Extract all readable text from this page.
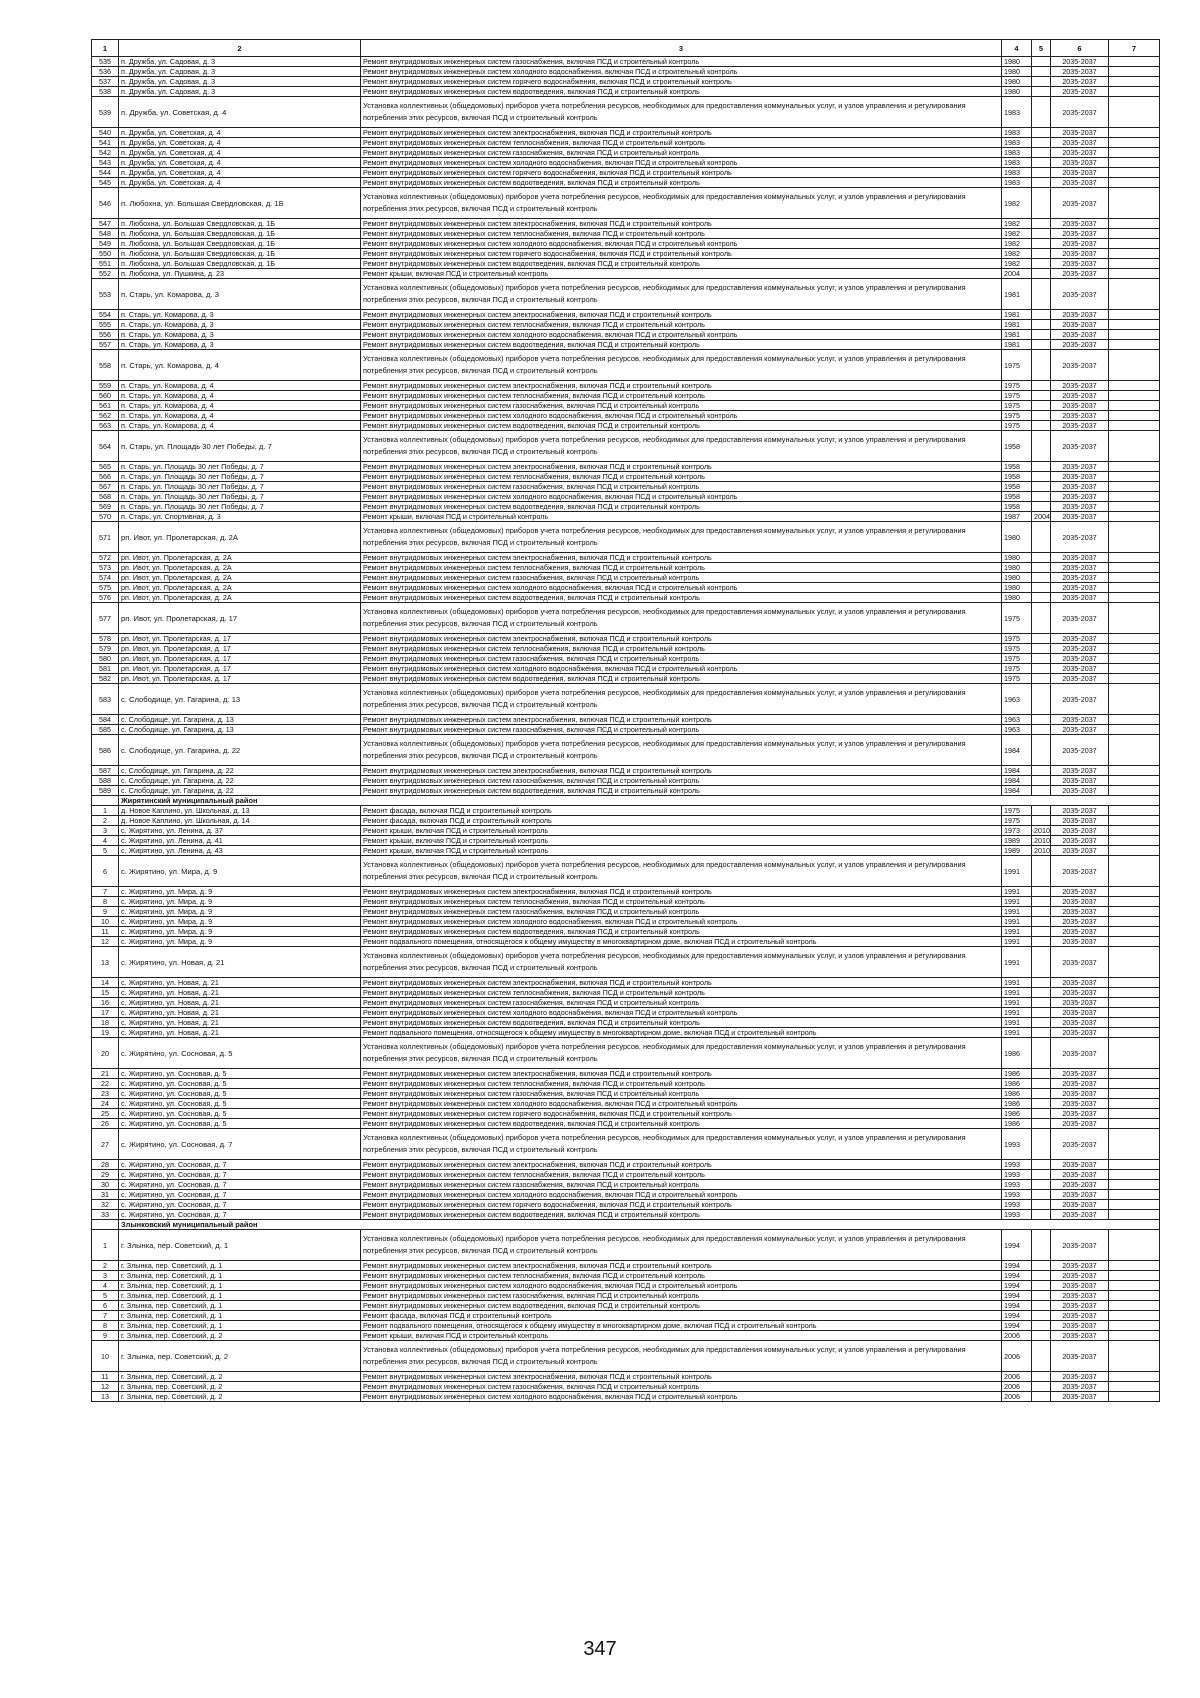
1	2	3	4	5	6	7
535	п. Дружба, ул. Садовая, д. 3	Ремонт внутридомовых инженерных систем газоснабжения, включая ПСД и строительный контроль	1980		2035-2037	
536	п. Дружба, ул. Садовая, д. 3	Ремонт внутридомовых инженерных систем холодного водоснабжения, включая ПСД и строительный контроль	1980		2035-2037	
537	п. Дружба, ул. Садовая, д. 3	Ремонт внутридомовых инженерных систем горячего водоснабжения, включая ПСД и строительный контроль	1980		2035-2037	
538	п. Дружба, ул. Садовая, д. 3	Ремонт внутридомовых инженерных систем водоотведения, включая ПСД и строительный контроль	1980		2035-2037	
539	п. Дружба, ул. Советская, д. 4	Установка коллективных (общедомовых) приборов учета потребления ресурсов, необходимых для предоставления коммунальных услуг, и узлов управления и регулирования потребления этих ресурсов, включая ПСД и строительный контроль	1983		2035-2037	
540	п. Дружба, ул. Советская, д. 4	Ремонт внутридомовых инженерных систем электроснабжения, включая ПСД и строительный контроль	1983		2035-2037	
541	п. Дружба, ул. Советская, д. 4	Ремонт внутридомовых инженерных систем теплоснабжения, включая ПСД и строительный контроль	1983		2035-2037	
542	п. Дружба, ул. Советская, д. 4	Ремонт внутридомовых инженерных систем газоснабжения, включая ПСД и строительный контроль	1983		2035-2037	
543	п. Дружба, ул. Советская, д. 4	Ремонт внутридомовых инженерных систем холодного водоснабжения, включая ПСД и строительный контроль	1983		2035-2037	
544	п. Дружба, ул. Советская, д. 4	Ремонт внутридомовых инженерных систем горячего водоснабжения, включая ПСД и строительный контроль	1983		2035-2037	
545	п. Дружба, ул. Советская, д. 4	Ремонт внутридомовых инженерных систем водоотведения, включая ПСД и строительный контроль	1983		2035-2037	
546	п. Любохна, ул. Большая Свердловская, д. 1Б	Установка коллективных (общедомовых) приборов учета потребления ресурсов, необходимых для предоставления коммунальных услуг, и узлов управления и регулирования потребления этих ресурсов, включая ПСД и строительный контроль	1982		2035-2037	
547	п. Любохна, ул. Большая Свердловская, д. 1Б	Ремонт внутридомовых инженерных систем электроснабжения, включая ПСД и строительный контроль	1982		2035-2037	
548	п. Любохна, ул. Большая Свердловская, д. 1Б	Ремонт внутридомовых инженерных систем теплоснабжения, включая ПСД и строительный контроль	1982		2035-2037	
549	п. Любохна, ул. Большая Свердловская, д. 1Б	Ремонт внутридомовых инженерных систем холодного водоснабжения, включая ПСД и строительный контроль	1982		2035-2037	
550	п. Любохна, ул. Большая Свердловская, д. 1Б	Ремонт внутридомовых инженерных систем горячего водоснабжения, включая ПСД и строительный контроль	1982		2035-2037	
551	п. Любохна, ул. Большая Свердловская, д. 1Б	Ремонт внутридомовых инженерных систем водоотведения, включая ПСД и строительный контроль	1982		2035-2037	
552	п. Любохна, ул. Пушкина, д. 23	Ремонт крыши, включая ПСД и строительный контроль	2004		2035-2037	
553	п. Старь, ул. Комарова, д. 3	Установка коллективных (общедомовых) приборов учета потребления ресурсов, необходимых для предоставления коммунальных услуг, и узлов управления и регулирования потребления этих ресурсов, включая ПСД и строительный контроль	1981		2035-2037	
554	п. Старь, ул. Комарова, д. 3	Ремонт внутридомовых инженерных систем электроснабжения, включая ПСД и строительный контроль	1981		2035-2037	
555	п. Старь, ул. Комарова, д. 3	Ремонт внутридомовых инженерных систем теплоснабжения, включая ПСД и строительный контроль	1981		2035-2037	
556	п. Старь, ул. Комарова, д. 3	Ремонт внутридомовых инженерных систем холодного водоснабжения, включая ПСД и строительный контроль	1981		2035-2037	
557	п. Старь, ул. Комарова, д. 3	Ремонт внутридомовых инженерных систем водоотведения, включая ПСД и строительный контроль	1981		2035-2037	
558	п. Старь, ул. Комарова, д. 4	Установка коллективных (общедомовых) приборов учета потребления ресурсов, необходимых для предоставления коммунальных услуг, и узлов управления и регулирования потребления этих ресурсов, включая ПСД и строительный контроль	1975		2035-2037	
559	п. Старь, ул. Комарова, д. 4	Ремонт внутридомовых инженерных систем электроснабжения, включая ПСД и строительный контроль	1975		2035-2037	
560	п. Старь, ул. Комарова, д. 4	Ремонт внутридомовых инженерных систем теплоснабжения, включая ПСД и строительный контроль	1975		2035-2037	
561	п. Старь, ул. Комарова, д. 4	Ремонт внутридомовых инженерных систем газоснабжения, включая ПСД и строительный контроль	1975		2035-2037	
562	п. Старь, ул. Комарова, д. 4	Ремонт внутридомовых инженерных систем холодного водоснабжения, включая ПСД и строительный контроль	1975		2035-2037	
563	п. Старь, ул. Комарова, д. 4	Ремонт внутридомовых инженерных систем водоотведения, включая ПСД и строительный контроль	1975		2035-2037	
564	п. Старь, ул. Площадь 30 лет Победы, д. 7	Установка коллективных (общедомовых) приборов учета потребления ресурсов, необходимых для предоставления коммунальных услуг, и узлов управления и регулирования потребления этих ресурсов, включая ПСД и строительный контроль	1958		2035-2037	
565	п. Старь, ул. Площадь 30 лет Победы, д. 7	Ремонт внутридомовых инженерных систем электроснабжения, включая ПСД и строительный контроль	1958		2035-2037	
566	п. Старь, ул. Площадь 30 лет Победы, д. 7	Ремонт внутридомовых инженерных систем теплоснабжения, включая ПСД и строительный контроль	1958		2035-2037	
567	п. Старь, ул. Площадь 30 лет Победы, д. 7	Ремонт внутридомовых инженерных систем газоснабжения, включая ПСД и строительный контроль	1958		2035-2037	
568	п. Старь, ул. Площадь 30 лет Победы, д. 7	Ремонт внутридомовых инженерных систем холодного водоснабжения, включая ПСД и строительный контроль	1958		2035-2037	
569	п. Старь, ул. Площадь 30 лет Победы, д. 7	Ремонт внутридомовых инженерных систем водоотведения, включая ПСД и строительный контроль	1958		2035-2037	
570	п. Старь, ул. Спортивная, д. 3	Ремонт крыши, включая ПСД и строительный контроль	1987	2004	2035-2037	
571	рп. Ивот, ул. Пролетарская, д. 2А	Установка коллективных (общедомовых) приборов учета потребления ресурсов, необходимых для предоставления коммунальных услуг, и узлов управления и регулирования потребления этих ресурсов, включая ПСД и строительный контроль	1980		2035-2037	
572	рп. Ивот, ул. Пролетарская, д. 2А	Ремонт внутридомовых инженерных систем электроснабжения, включая ПСД и строительный контроль	1980		2035-2037	
573	рп. Ивот, ул. Пролетарская, д. 2А	Ремонт внутридомовых инженерных систем теплоснабжения, включая ПСД и строительный контроль	1980		2035-2037	
574	рп. Ивот, ул. Пролетарская, д. 2А	Ремонт внутридомовых инженерных систем газоснабжения, включая ПСД и строительный контроль	1980		2035-2037	
575	рп. Ивот, ул. Пролетарская, д. 2А	Ремонт внутридомовых инженерных систем холодного водоснабжения, включая ПСД и строительный контроль	1980		2035-2037	
576	рп. Ивот, ул. Пролетарская, д. 2А	Ремонт внутридомовых инженерных систем водоотведения, включая ПСД и строительный контроль	1980		2035-2037	
577	рп. Ивот, ул. Пролетарская, д. 17	Установка коллективных (общедомовых) приборов учета потребления ресурсов, необходимых для предоставления коммунальных услуг, и узлов управления и регулирования потребления этих ресурсов, включая ПСД и строительный контроль	1975		2035-2037	
578	рп. Ивот, ул. Пролетарская, д. 17	Ремонт внутридомовых инженерных систем электроснабжения, включая ПСД и строительный контроль	1975		2035-2037	
579	рп. Ивот, ул. Пролетарская, д. 17	Ремонт внутридомовых инженерных систем теплоснабжения, включая ПСД и строительный контроль	1975		2035-2037	
580	рп. Ивот, ул. Пролетарская, д. 17	Ремонт внутридомовых инженерных систем газоснабжения, включая ПСД и строительный контроль	1975		2035-2037	
581	рп. Ивот, ул. Пролетарская, д. 17	Ремонт внутридомовых инженерных систем холодного водоснабжения, включая ПСД и строительный контроль	1975		2035-2037	
582	рп. Ивот, ул. Пролетарская, д. 17	Ремонт внутридомовых инженерных систем водоотведения, включая ПСД и строительный контроль	1975		2035-2037	
583	с. Слободище, ул. Гагарина, д. 13	Установка коллективных (общедомовых) приборов учета потребления ресурсов, необходимых для предоставления коммунальных услуг, и узлов управления и регулирования потребления этих ресурсов, включая ПСД и строительный контроль	1963		2035-2037	
584	с. Слободище, ул. Гагарина, д. 13	Ремонт внутридомовых инженерных систем электроснабжения, включая ПСД и строительный контроль	1963		2035-2037	
585	с. Слободище, ул. Гагарина, д. 13	Ремонт внутридомовых инженерных систем газоснабжения, включая ПСД и строительный контроль	1963		2035-2037	
586	с. Слободище, ул. Гагарина, д. 22	Установка коллективных (общедомовых) приборов учета потребления ресурсов, необходимых для предоставления коммунальных услуг, и узлов управления и регулирования потребления этих ресурсов, включая ПСД и строительный контроль	1984		2035-2037	
587	с. Слободище, ул. Гагарина, д. 22	Ремонт внутридомовых инженерных систем электроснабжения, включая ПСД и строительный контроль	1984		2035-2037	
588	с. Слободище, ул. Гагарина, д. 22	Ремонт внутридомовых инженерных систем газоснабжения, включая ПСД и строительный контроль	1984		2035-2037	
589	с. Слободище, ул. Гагарина, д. 22	Ремонт внутридомовых инженерных систем водоотведения, включая ПСД и строительный контроль	1984		2035-2037	
	Жирятинский муниципальный район					
1	д. Новое Каплино, ул. Школьная, д. 13	Ремонт фасада, включая ПСД и строительный контроль	1975		2035-2037	
2	д. Новое Каплино, ул. Школьная, д. 14	Ремонт фасада, включая ПСД и строительный контроль	1975		2035-2037	
3	с. Жирятино, ул. Ленина, д. 37	Ремонт крыши, включая ПСД и строительный контроль	1973	2010	2035-2037	
4	с. Жирятино, ул. Ленина, д. 41	Ремонт крыши, включая ПСД и строительный контроль	1989	2010	2035-2037	
5	с. Жирятино, ул. Ленина, д. 43	Ремонт крыши, включая ПСД и строительный контроль	1989	2010	2035-2037	
6	с. Жирятино, ул. Мира, д. 9	Установка коллективных (общедомовых) приборов учета потребления ресурсов, необходимых для предоставления коммунальных услуг, и узлов управления и регулирования потребления этих ресурсов, включая ПСД и строительный контроль	1991		2035-2037	
7	с. Жирятино, ул. Мира, д. 9	Ремонт внутридомовых инженерных систем электроснабжения, включая ПСД и строительный контроль	1991		2035-2037	
8	с. Жирятино, ул. Мира, д. 9	Ремонт внутридомовых инженерных систем теплоснабжения, включая ПСД и строительный контроль	1991		2035-2037	
9	с. Жирятино, ул. Мира, д. 9	Ремонт внутридомовых инженерных систем газоснабжения, включая ПСД и строительный контроль	1991		2035-2037	
10	с. Жирятино, ул. Мира, д. 9	Ремонт внутридомовых инженерных систем холодного водоснабжения, включая ПСД и строительный контроль	1991		2035-2037	
11	с. Жирятино, ул. Мира, д. 9	Ремонт внутридомовых инженерных систем водоотведения, включая ПСД и строительный контроль	1991		2035-2037	
12	с. Жирятино, ул. Мира, д. 9	Ремонт подвального помещения, относящегося к общему имуществу в многоквартирном доме, включая ПСД и строительный контроль	1991		2035-2037	
13	с. Жирятино, ул. Новая, д. 21	Установка коллективных (общедомовых) приборов учета потребления ресурсов, необходимых для предоставления коммунальных услуг, и узлов управления и регулирования потребления этих ресурсов, включая ПСД и строительный контроль	1991		2035-2037	
14	с. Жирятино, ул. Новая, д. 21	Ремонт внутридомовых инженерных систем электроснабжения, включая ПСД и строительный контроль	1991		2035-2037	
15	с. Жирятино, ул. Новая, д. 21	Ремонт внутридомовых инженерных систем теплоснабжения, включая ПСД и строительный контроль	1991		2035-2037	
16	с. Жирятино, ул. Новая, д. 21	Ремонт внутридомовых инженерных систем газоснабжения, включая ПСД и строительный контроль	1991		2035-2037	
17	с. Жирятино, ул. Новая, д. 21	Ремонт внутридомовых инженерных систем холодного водоснабжения, включая ПСД и строительный контроль	1991		2035-2037	
18	с. Жирятино, ул. Новая, д. 21	Ремонт внутридомовых инженерных систем водоотведения, включая ПСД и строительный контроль	1991		2035-2037	
19	с. Жирятино, ул. Новая, д. 21	Ремонт подвального помещения, относящегося к общему имуществу в многоквартирном доме, включая ПСД и строительный контроль	1991		2035-2037	
20	с. Жирятино, ул. Сосновая, д. 5	Установка коллективных (общедомовых) приборов учета потребления ресурсов, необходимых для предоставления коммунальных услуг, и узлов управления и регулирования потребления этих ресурсов, включая ПСД и строительный контроль	1986		2035-2037	
21	с. Жирятино, ул. Сосновая, д. 5	Ремонт внутридомовых инженерных систем электроснабжения, включая ПСД и строительный контроль	1986		2035-2037	
22	с. Жирятино, ул. Сосновая, д. 5	Ремонт внутридомовых инженерных систем теплоснабжения, включая ПСД и строительный контроль	1986		2035-2037	
23	с. Жирятино, ул. Сосновая, д. 5	Ремонт внутридомовых инженерных систем газоснабжения, включая ПСД и строительный контроль	1986		2035-2037	
24	с. Жирятино, ул. Сосновая, д. 5	Ремонт внутридомовых инженерных систем холодного водоснабжения, включая ПСД и строительный контроль	1986		2035-2037	
25	с. Жирятино, ул. Сосновая, д. 5	Ремонт внутридомовых инженерных систем горячего водоснабжения, включая ПСД и строительный контроль	1986		2035-2037	
26	с. Жирятино, ул. Сосновая, д. 5	Ремонт внутридомовых инженерных систем водоотведения, включая ПСД и строительный контроль	1986		2035-2037	
27	с. Жирятино, ул. Сосновая, д. 7	Установка коллективных (общедомовых) приборов учета потребления ресурсов, необходимых для предоставления коммунальных услуг, и узлов управления и регулирования потребления этих ресурсов, включая ПСД и строительный контроль	1993		2035-2037	
28	с. Жирятино, ул. Сосновая, д. 7	Ремонт внутридомовых инженерных систем электроснабжения, включая ПСД и строительный контроль	1993		2035-2037	
29	с. Жирятино, ул. Сосновая, д. 7	Ремонт внутридомовых инженерных систем теплоснабжения, включая ПСД и строительный контроль	1993		2035-2037	
30	с. Жирятино, ул. Сосновая, д. 7	Ремонт внутридомовых инженерных систем газоснабжения, включая ПСД и строительный контроль	1993		2035-2037	
31	с. Жирятино, ул. Сосновая, д. 7	Ремонт внутридомовых инженерных систем холодного водоснабжения, включая ПСД и строительный контроль	1993		2035-2037	
32	с. Жирятино, ул. Сосновая, д. 7	Ремонт внутридомовых инженерных систем горячего водоснабжения, включая ПСД и строительный контроль	1993		2035-2037	
33	с. Жирятино, ул. Сосновая, д. 7	Ремонт внутридомовых инженерных систем водоотведения, включая ПСД и строительный контроль	1993		2035-2037	
	Злынковский муниципальный район					
1	г. Злынка, пер. Советский, д. 1	Установка коллективных (общедомовых) приборов учета потребления ресурсов, необходимых для предоставления коммунальных услуг, и узлов управления и регулирования потребления этих ресурсов, включая ПСД и строительный контроль	1994		2035-2037	
2	г. Злынка, пер. Советский, д. 1	Ремонт внутридомовых инженерных систем электроснабжения, включая ПСД и строительный контроль	1994		2035-2037	
3	г. Злынка, пер. Советский, д. 1	Ремонт внутридомовых инженерных систем теплоснабжения, включая ПСД и строительный контроль	1994		2035-2037	
4	г. Злынка, пер. Советский, д. 1	Ремонт внутридомовых инженерных систем холодного водоснабжения, включая ПСД и строительный контроль	1994		2035-2037	
5	г. Злынка, пер. Советский, д. 1	Ремонт внутридомовых инженерных систем газоснабжения, включая ПСД и строительный контроль	1994		2035-2037	
6	г. Злынка, пер. Советский, д. 1	Ремонт внутридомовых инженерных систем водоотведения, включая ПСД и строительный контроль	1994		2035-2037	
7	г. Злынка, пер. Советский, д. 1	Ремонт фасада, включая ПСД и строительный контроль	1994		2035-2037	
8	г. Злынка, пер. Советский, д. 1	Ремонт подвального помещения, относящегося к общему имуществу в многоквартирном доме, включая ПСД и строительный контроль	1994		2035-2037	
9	г. Злынка, пер. Советский, д. 2	Ремонт крыши, включая ПСД и строительный контроль	2006		2035-2037	
10	г. Злынка, пер. Советский, д. 2	Установка коллективных (общедомовых) приборов учета потребления ресурсов, необходимых для предоставления коммунальных услуг, и узлов управления и регулирования потребления этих ресурсов, включая ПСД и строительный контроль	2006		2035-2037	
11	г. Злынка, пер. Советский, д. 2	Ремонт внутридомовых инженерных систем электроснабжения, включая ПСД и строительный контроль	2006		2035-2037	
12	г. Злынка, пер. Советский, д. 2	Ремонт внутридомовых инженерных систем газоснабжения, включая ПСД и строительный контроль	2006		2035-2037	
13	г. Злынка, пер. Советский, д. 2	Ремонт внутридомовых инженерных систем холодного водоснабжения, включая ПСД и строительный контроль	2006		2035-2037	
347
